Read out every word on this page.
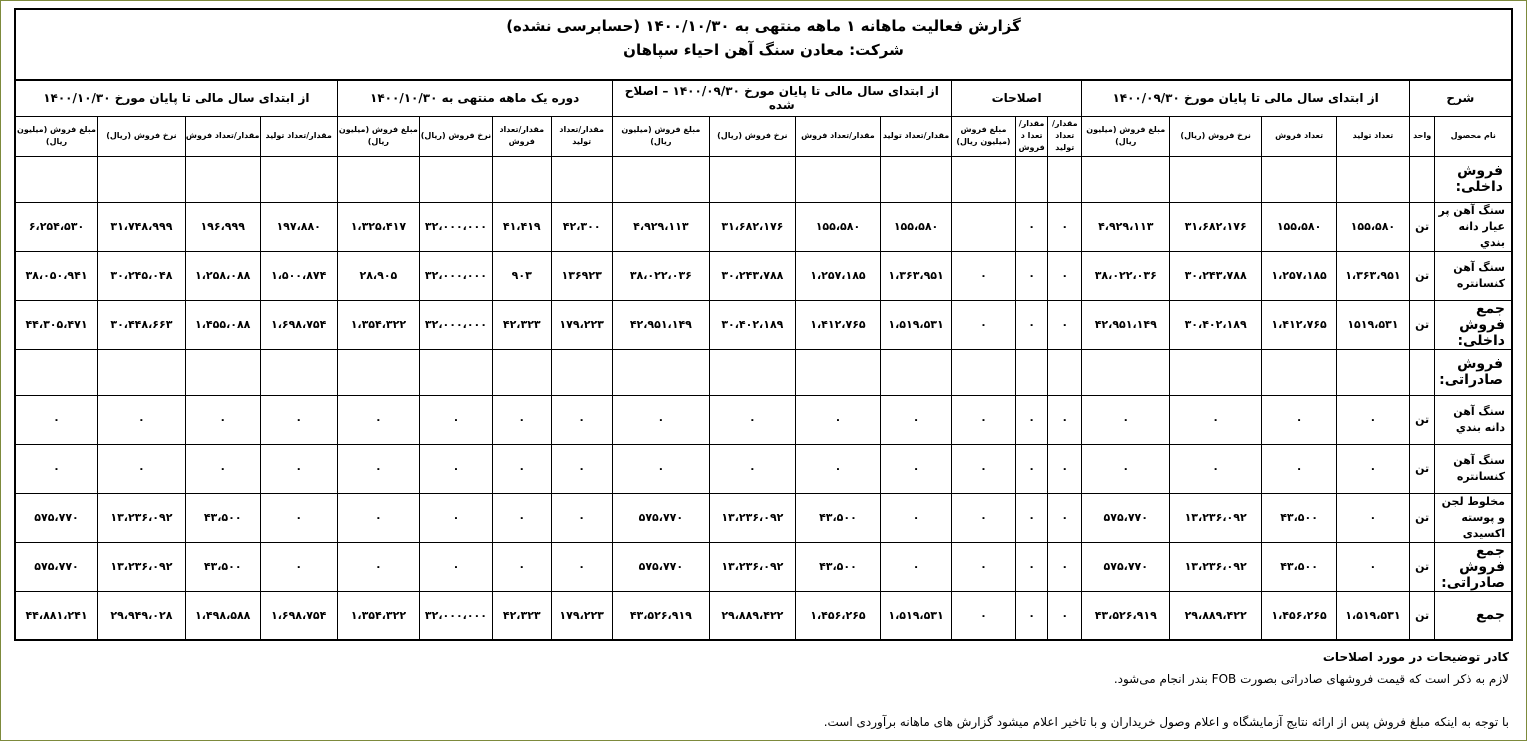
گزارش فعالیت ماهانه ۱ ماهه منتهی به ۱۴۰۰/۱۰/۳۰ (حسابرسی نشده)
شرکت: معادن سنگ آهن احیاء سپاهان
شرح		از ابتدای سال مالی تا پایان مورخ ۱۴۰۰/۰۹/۳۰				اصلاحات			از ابتدای سال مالی تا پایان مورخ ۱۴۰۰/۰۹/۳۰ – اصلاح شده				دوره یک ماهه منتهی به ۱۴۰۰/۱۰/۳۰				از ابتدای سال مالی تا پایان مورخ ۱۴۰۰/۱۰/۳۰			
نام محصول	واحد	تعداد تولید	تعداد فروش	نرخ فروش (ریال)	مبلغ فروش (میلیون ریال)	مقدار/تعداد تولید	مقدار/تعدا د فروش	مبلغ فروش (میلیون ریال)	مقدار/تعداد تولید	مقدار/تعداد فروش	نرخ فروش (ریال)	مبلغ فروش (میلیون ریال)	مقدار/تعداد تولید	مقدار/تعداد فروش	نرخ فروش (ریال)	مبلغ فروش (میلیون ریال)	مقدار/تعداد تولید	مقدار/تعداد فروش	نرخ فروش (ریال)	مبلغ فروش (میلیون ریال)
فروش داخلی:																				
سنگ آهن پر عیار دانه بندي	تن	۱۵۵،۵۸۰	۱۵۵،۵۸۰	۳۱،۶۸۲،۱۷۶	۴،۹۲۹،۱۱۳	۰	۰		۱۵۵،۵۸۰	۱۵۵،۵۸۰	۳۱،۶۸۲،۱۷۶	۴،۹۲۹،۱۱۳	۴۲،۳۰۰	۴۱،۴۱۹	۳۲،۰۰۰،۰۰۰	۱،۳۲۵،۴۱۷	۱۹۷،۸۸۰	۱۹۶،۹۹۹	۳۱،۷۴۸،۹۹۹	۶،۲۵۴،۵۳۰
سنگ آهن کنسانتره	تن	۱،۳۶۳،۹۵۱	۱،۲۵۷،۱۸۵	۳۰،۲۴۳،۷۸۸	۳۸،۰۲۲،۰۳۶	۰	۰	۰	۱،۳۶۳،۹۵۱	۱،۲۵۷،۱۸۵	۳۰،۲۴۳،۷۸۸	۳۸،۰۲۲،۰۳۶	۱۳۶۹۲۳	۹۰۳	۳۲،۰۰۰،۰۰۰	۲۸،۹۰۵	۱،۵۰۰،۸۷۴	۱،۲۵۸،۰۸۸	۳۰،۲۴۵،۰۴۸	۳۸،۰۵۰،۹۴۱
جمع فروش داخلی:	تن	۱۵۱۹،۵۳۱	۱،۴۱۲،۷۶۵	۳۰،۴۰۲،۱۸۹	۴۲،۹۵۱،۱۴۹	۰	۰	۰	۱،۵۱۹،۵۳۱	۱،۴۱۲،۷۶۵	۳۰،۴۰۲،۱۸۹	۴۲،۹۵۱،۱۴۹	۱۷۹،۲۲۳	۴۲،۳۲۳	۳۲،۰۰۰،۰۰۰	۱،۳۵۴،۳۲۲	۱،۶۹۸،۷۵۴	۱،۴۵۵،۰۸۸	۳۰،۴۴۸،۶۶۳	۴۴،۳۰۵،۴۷۱
فروش صادراتی:																				
سنگ آهن دانه بندي	تن	۰	۰	۰	۰	۰	۰	۰	۰	۰	۰	۰	۰	۰	۰	۰	۰	۰	۰	۰
سنگ آهن کنسانتره	تن	۰	۰	۰	۰	۰	۰	۰	۰	۰	۰	۰	۰	۰	۰	۰	۰	۰	۰	۰
مخلوط لجن و پوسته اکسیدی	تن	۰	۴۳،۵۰۰	۱۳،۲۳۶،۰۹۲	۵۷۵،۷۷۰	۰	۰	۰	۰	۴۳،۵۰۰	۱۳،۲۳۶،۰۹۲	۵۷۵،۷۷۰	۰	۰	۰	۰	۰	۴۳،۵۰۰	۱۳،۲۳۶،۰۹۲	۵۷۵،۷۷۰
جمع فروش صادراتی:	تن	۰	۴۳،۵۰۰	۱۳،۲۳۶،۰۹۲	۵۷۵،۷۷۰	۰	۰	۰	۰	۴۳،۵۰۰	۱۳،۲۳۶،۰۹۲	۵۷۵،۷۷۰	۰	۰	۰	۰	۰	۴۳،۵۰۰	۱۳،۲۳۶،۰۹۲	۵۷۵،۷۷۰
جمع	تن	۱،۵۱۹،۵۳۱	۱،۴۵۶،۲۶۵	۲۹،۸۸۹،۴۲۲	۴۳،۵۲۶،۹۱۹	۰	۰	۰	۱،۵۱۹،۵۳۱	۱،۴۵۶،۲۶۵	۲۹،۸۸۹،۴۲۲	۴۳،۵۲۶،۹۱۹	۱۷۹،۲۲۳	۴۲،۳۲۳	۳۲،۰۰۰،۰۰۰	۱،۳۵۴،۳۲۲	۱،۶۹۸،۷۵۴	۱،۴۹۸،۵۸۸	۲۹،۹۴۹،۰۲۸	۴۴،۸۸۱،۲۴۱
کادر توضیحات در مورد اصلاحات
لازم به ذکر است که قیمت فروشهای صادراتی بصورت FOB بندر انجام می‌شود.
با توجه به اینکه مبلغ فروش پس از ارائه نتایج آزمایشگاه و اعلام وصول خریداران و با تاخیر اعلام میشود گزارش های ماهانه برآوردی است.
